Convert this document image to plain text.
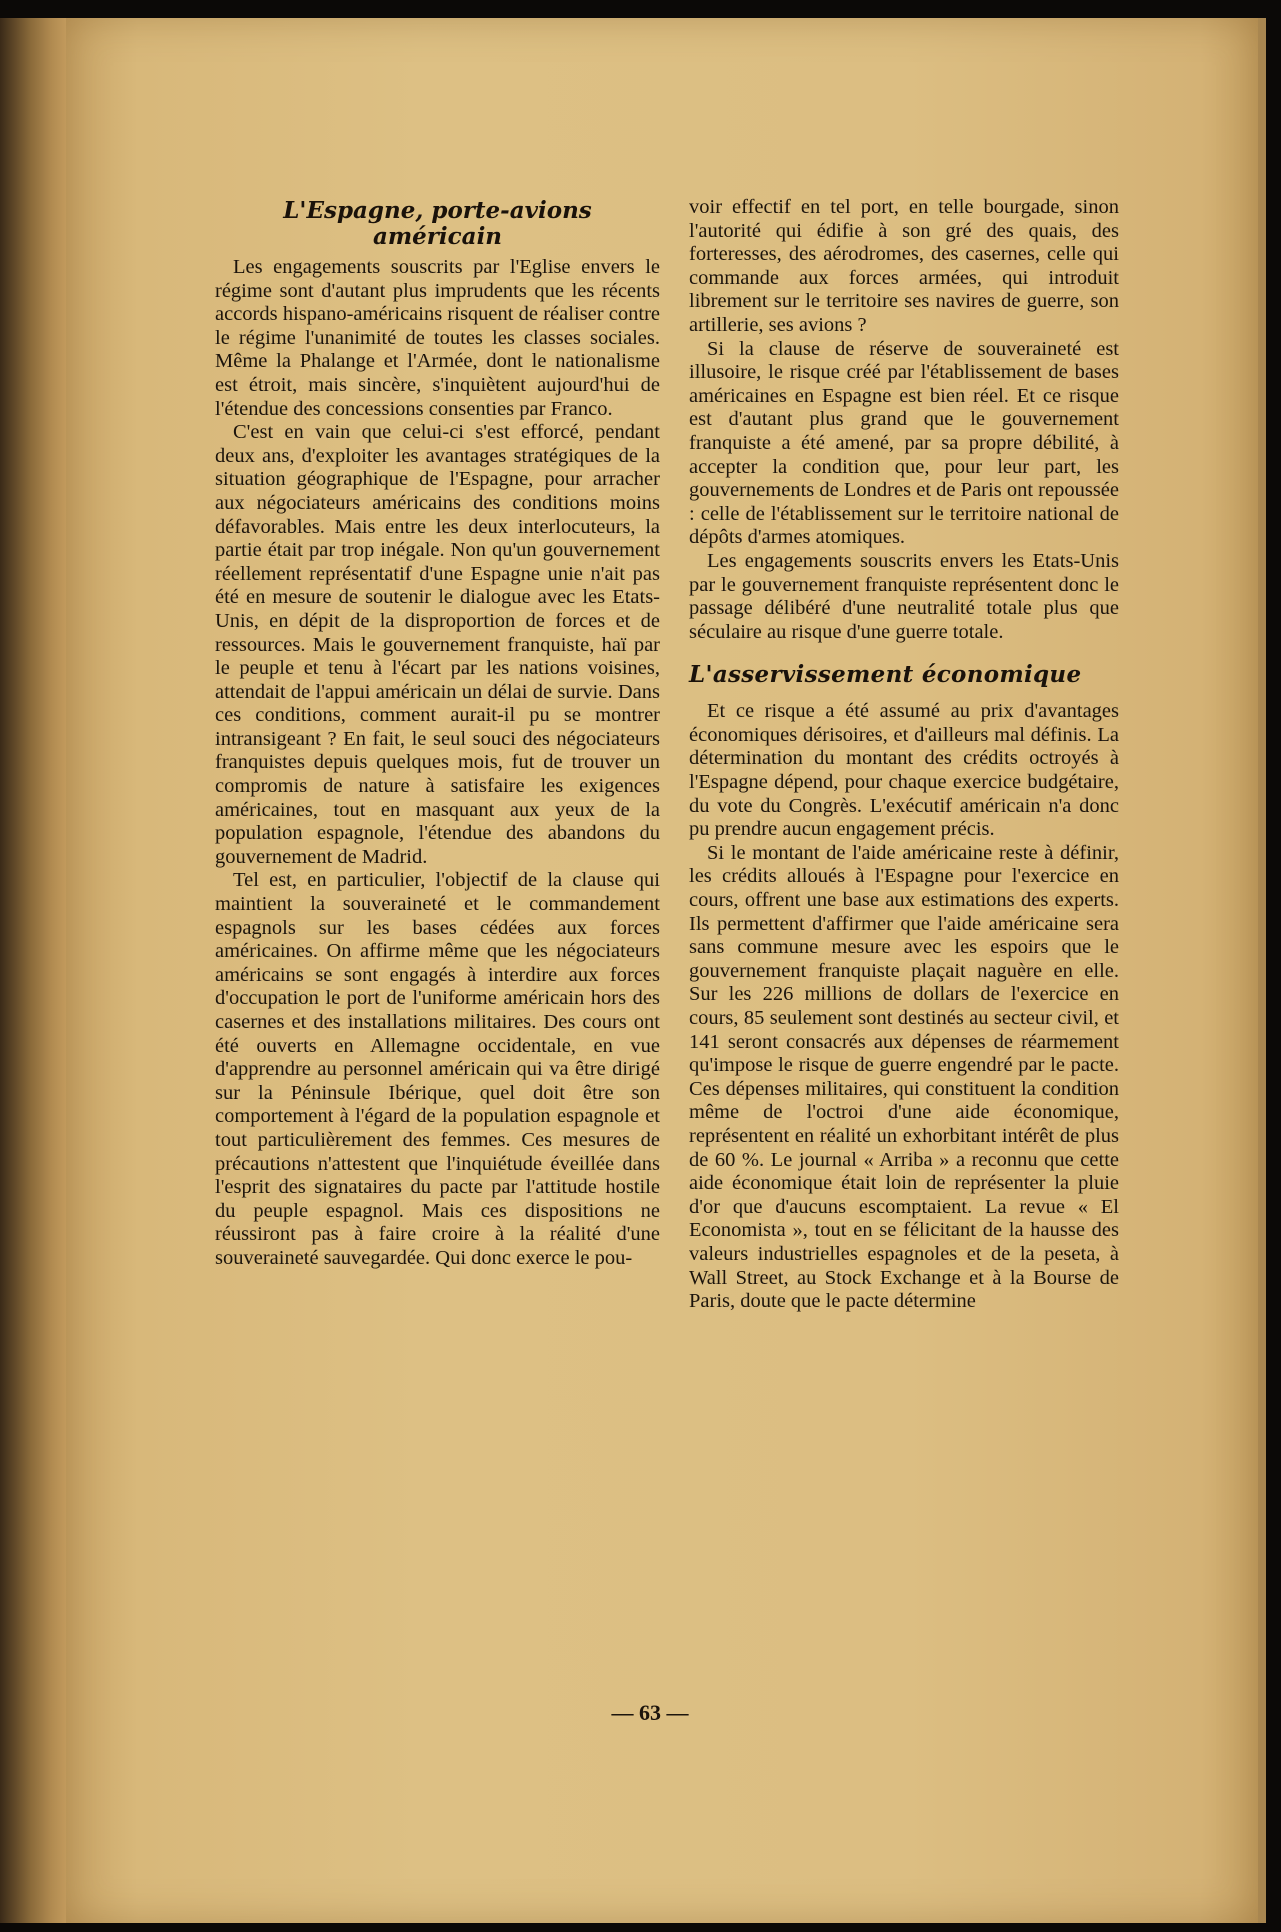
L'Espagne, porte-avions américain

Les engagements souscrits par l'Eglise envers le régime sont d'autant plus imprudents que les récents accords hispano-américains risquent de réaliser contre le régime l'unanimité de toutes les classes sociales. Même la Phalange et l'Armée, dont le nationalisme est étroit, mais sincère, s'inquiètent aujourd'hui de l'étendue des concessions consenties par Franco.

C'est en vain que celui-ci s'est efforcé, pendant deux ans, d'exploiter les avantages stratégiques de la situation géographique de l'Espagne, pour arracher aux négociateurs américains des conditions moins défavorables. Mais entre les deux interlocuteurs, la partie était par trop inégale. Non qu'un gouvernement réellement représentatif d'une Espagne unie n'ait pas été en mesure de soutenir le dialogue avec les Etats-Unis, en dépit de la disproportion de forces et de ressources. Mais le gouvernement franquiste, haï par le peuple et tenu à l'écart par les nations voisines, attendait de l'appui américain un délai de survie. Dans ces conditions, comment aurait-il pu se montrer intransigeant ? En fait, le seul souci des négociateurs franquistes depuis quelques mois, fut de trouver un compromis de nature à satisfaire les exigences américaines, tout en masquant aux yeux de la population espagnole, l'étendue des abandons du gouvernement de Madrid.

Tel est, en particulier, l'objectif de la clause qui maintient la souveraineté et le commandement espagnols sur les bases cédées aux forces américaines. On affirme même que les négociateurs américains se sont engagés à interdire aux forces d'occupation le port de l'uniforme américain hors des casernes et des installations militaires. Des cours ont été ouverts en Allemagne occidentale, en vue d'apprendre au personnel américain qui va être dirigé sur la Péninsule Ibérique, quel doit être son comportement à l'égard de la population espagnole et tout particulièrement des femmes. Ces mesures de précautions n'attestent que l'inquiétude éveillée dans l'esprit des signataires du pacte par l'attitude hostile du peuple espagnol. Mais ces dispositions ne réussiront pas à faire croire à la réalité d'une souveraineté sauvegardée. Qui donc exerce le pou-

voir effectif en tel port, en telle bourgade, sinon l'autorité qui édifie à son gré des quais, des forteresses, des aérodromes, des casernes, celle qui commande aux forces armées, qui introduit librement sur le territoire ses navires de guerre, son artillerie, ses avions ?

Si la clause de réserve de souveraineté est illusoire, le risque créé par l'établissement de bases américaines en Espagne est bien réel. Et ce risque est d'autant plus grand que le gouvernement franquiste a été amené, par sa propre débilité, à accepter la condition que, pour leur part, les gouvernements de Londres et de Paris ont repoussée : celle de l'établissement sur le territoire national de dépôts d'armes atomiques.

Les engagements souscrits envers les Etats-Unis par le gouvernement franquiste représentent donc le passage délibéré d'une neutralité totale plus que séculaire au risque d'une guerre totale.

L'asservissement économique

Et ce risque a été assumé au prix d'avantages économiques dérisoires, et d'ailleurs mal définis. La détermination du montant des crédits octroyés à l'Espagne dépend, pour chaque exercice budgétaire, du vote du Congrès. L'exécutif américain n'a donc pu prendre aucun engagement précis.

Si le montant de l'aide américaine reste à définir, les crédits alloués à l'Espagne pour l'exercice en cours, offrent une base aux estimations des experts. Ils permettent d'affirmer que l'aide américaine sera sans commune mesure avec les espoirs que le gouvernement franquiste plaçait naguère en elle. Sur les 226 millions de dollars de l'exercice en cours, 85 seulement sont destinés au secteur civil, et 141 seront consacrés aux dépenses de réarmement qu'impose le risque de guerre engendré par le pacte. Ces dépenses militaires, qui constituent la condition même de l'octroi d'une aide économique, représentent en réalité un exhorbitant intérêt de plus de 60 %. Le journal « Arriba » a reconnu que cette aide économique était loin de représenter la pluie d'or que d'aucuns escomptaient. La revue « El Economista », tout en se félicitant de la hausse des valeurs industrielles espagnoles et de la peseta, à Wall Street, au Stock Exchange et à la Bourse de Paris, doute que le pacte détermine

— 63 —
